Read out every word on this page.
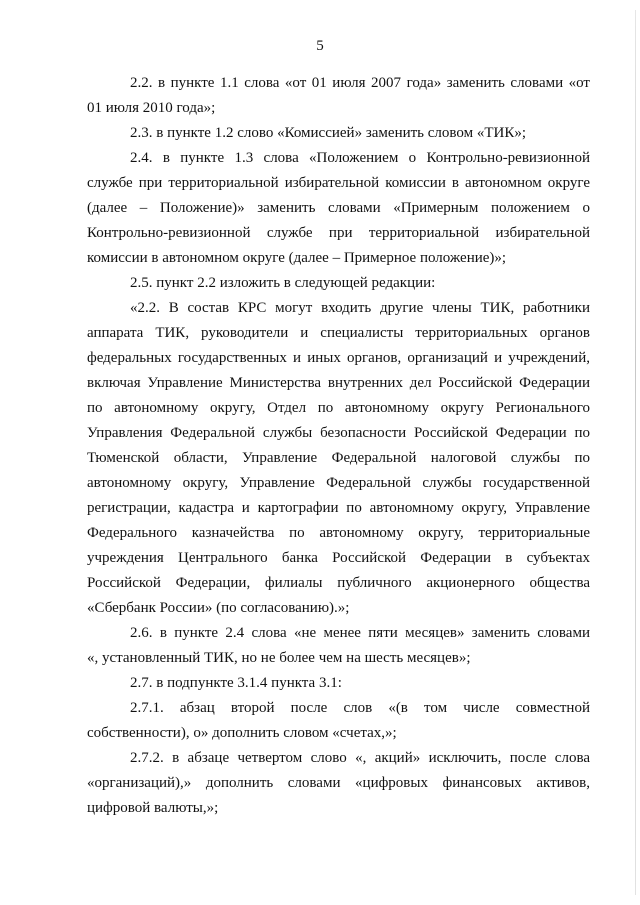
5
2.2. в пункте 1.1 слова «от 01 июля 2007 года» заменить словами «от
01 июля 2010 года»;
2.3. в пункте 1.2 слово «Комиссией» заменить словом «ТИК»;
2.4. в пункте 1.3 слова «Положением о Контрольно-ревизионной
службе при территориальной избирательной комиссии в автономном округе
(далее – Положение)» заменить словами «Примерным положением о
Контрольно-ревизионной службе при территориальной избирательной
комиссии в автономном округе (далее – Примерное положение)»;
2.5. пункт 2.2 изложить в следующей редакции:
«2.2. В состав КРС могут входить другие члены ТИК, работники
аппарата ТИК, руководители и специалисты территориальных органов
федеральных государственных и иных органов, организаций и учреждений,
включая Управление Министерства внутренних дел Российской Федерации
по автономному округу, Отдел по автономному округу Регионального
Управления Федеральной службы безопасности Российской Федерации по
Тюменской области, Управление Федеральной налоговой службы по
автономному округу, Управление Федеральной службы государственной
регистрации, кадастра и картографии по автономному округу, Управление
Федерального казначейства по автономному округу, территориальные
учреждения Центрального банка Российской Федерации в субъектах
Российской Федерации, филиалы публичного акционерного общества
«Сбербанк России» (по согласованию).»;
2.6. в пункте 2.4 слова «не менее пяти месяцев» заменить словами
«, установленный ТИК, но не более чем на шесть месяцев»;
2.7. в подпункте 3.1.4 пункта 3.1:
2.7.1. абзац второй после слов «(в том числе совместной
собственности), о» дополнить словом «счетах,»;
2.7.2. в абзаце четвертом слово «, акций» исключить, после слова
«организаций),» дополнить словами «цифровых финансовых активов,
цифровой валюты,»;
